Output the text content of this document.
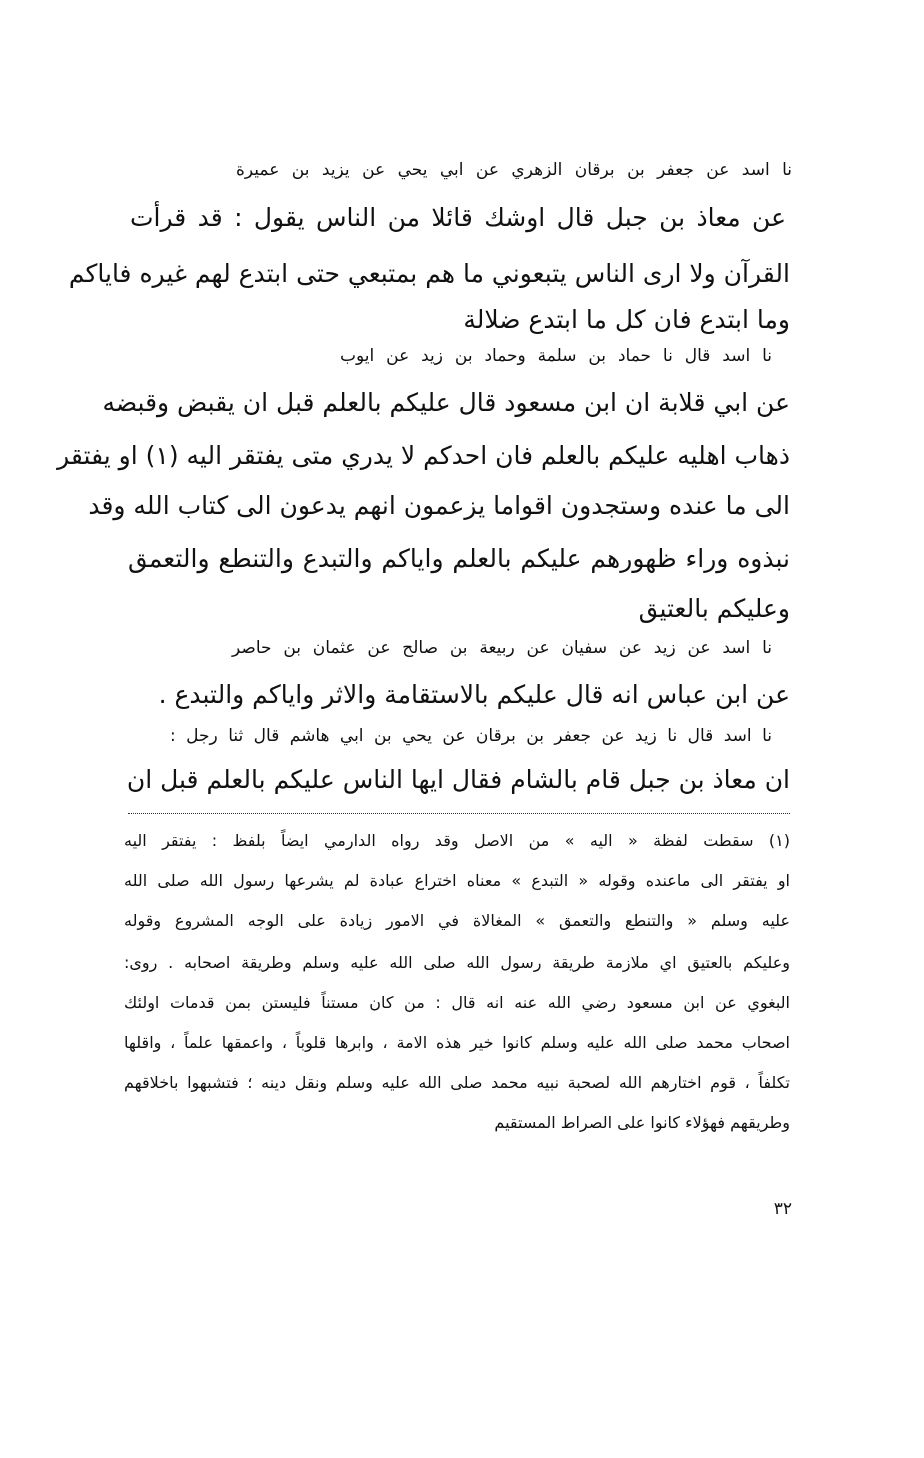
نا اسد عن جعفر بن برقان الزهري عن ابي يحي عن يزيد بن عميرة
عن معاذ بن جبل قال اوشك قائلا من الناس يقول : قد قرأت
القرآن ولا ارى الناس يتبعوني ما هم بمتبعي حتى ابتدع لهم غيره فاياكم
وما ابتدع فان كل ما ابتدع ضلالة
نا اسد قال نا حماد بن سلمة وحماد بن زيد عن ايوب
عن ابي قلابة ان ابن مسعود قال عليكم بالعلم قبل ان يقبض وقبضه
ذهاب اهليه عليكم بالعلم فان احدكم لا يدري متى يفتقر اليه (١) او يفتقر
الى ما عنده وستجدون اقواما يزعمون انهم يدعون الى كتاب الله وقد
نبذوه وراء ظهورهم عليكم بالعلم واياكم والتبدع والتنطع والتعمق
وعليكم بالعتيق
نا اسد عن زيد عن سفيان عن ربيعة بن صالح عن عثمان بن حاصر
عن ابن عباس انه قال عليكم بالاستقامة والاثر واياكم والتبدع .
نا اسد قال نا زيد عن جعفر بن برقان عن يحي بن ابي هاشم قال ثنا رجل :
ان معاذ بن جبل قام بالشام فقال ايها الناس عليكم بالعلم قبل ان
(١) سقطت لفظة « اليه » من الاصل وقد رواه الدارمي ايضاً بلفظ : يفتقر اليه
او يفتقر الى ماعنده وقوله « التبدع » معناه اختراع عبادة لم يشرعها رسول الله صلى الله
عليه وسلم « والتنطع والتعمق » المغالاة في الامور زيادة على الوجه المشروع وقوله
وعليكم بالعتيق اي ملازمة طريقة رسول الله صلى الله عليه وسلم وطريقة اصحابه . روى:
البغوي عن ابن مسعود رضي الله عنه انه قال : من كان مستناً فليستن بمن قدمات اولئك
اصحاب محمد صلى الله عليه وسلم كانوا خير هذه الامة ، وابرها قلوباً ، واعمقها علماً ، واقلها
تكلفاً ، قوم اختارهم الله لصحبة نبيه محمد صلى الله عليه وسلم ونقل دينه ؛ فتشبهوا باخلاقهم
وطريقهم فهؤلاء كانوا على الصراط المستقيم
٣٢
